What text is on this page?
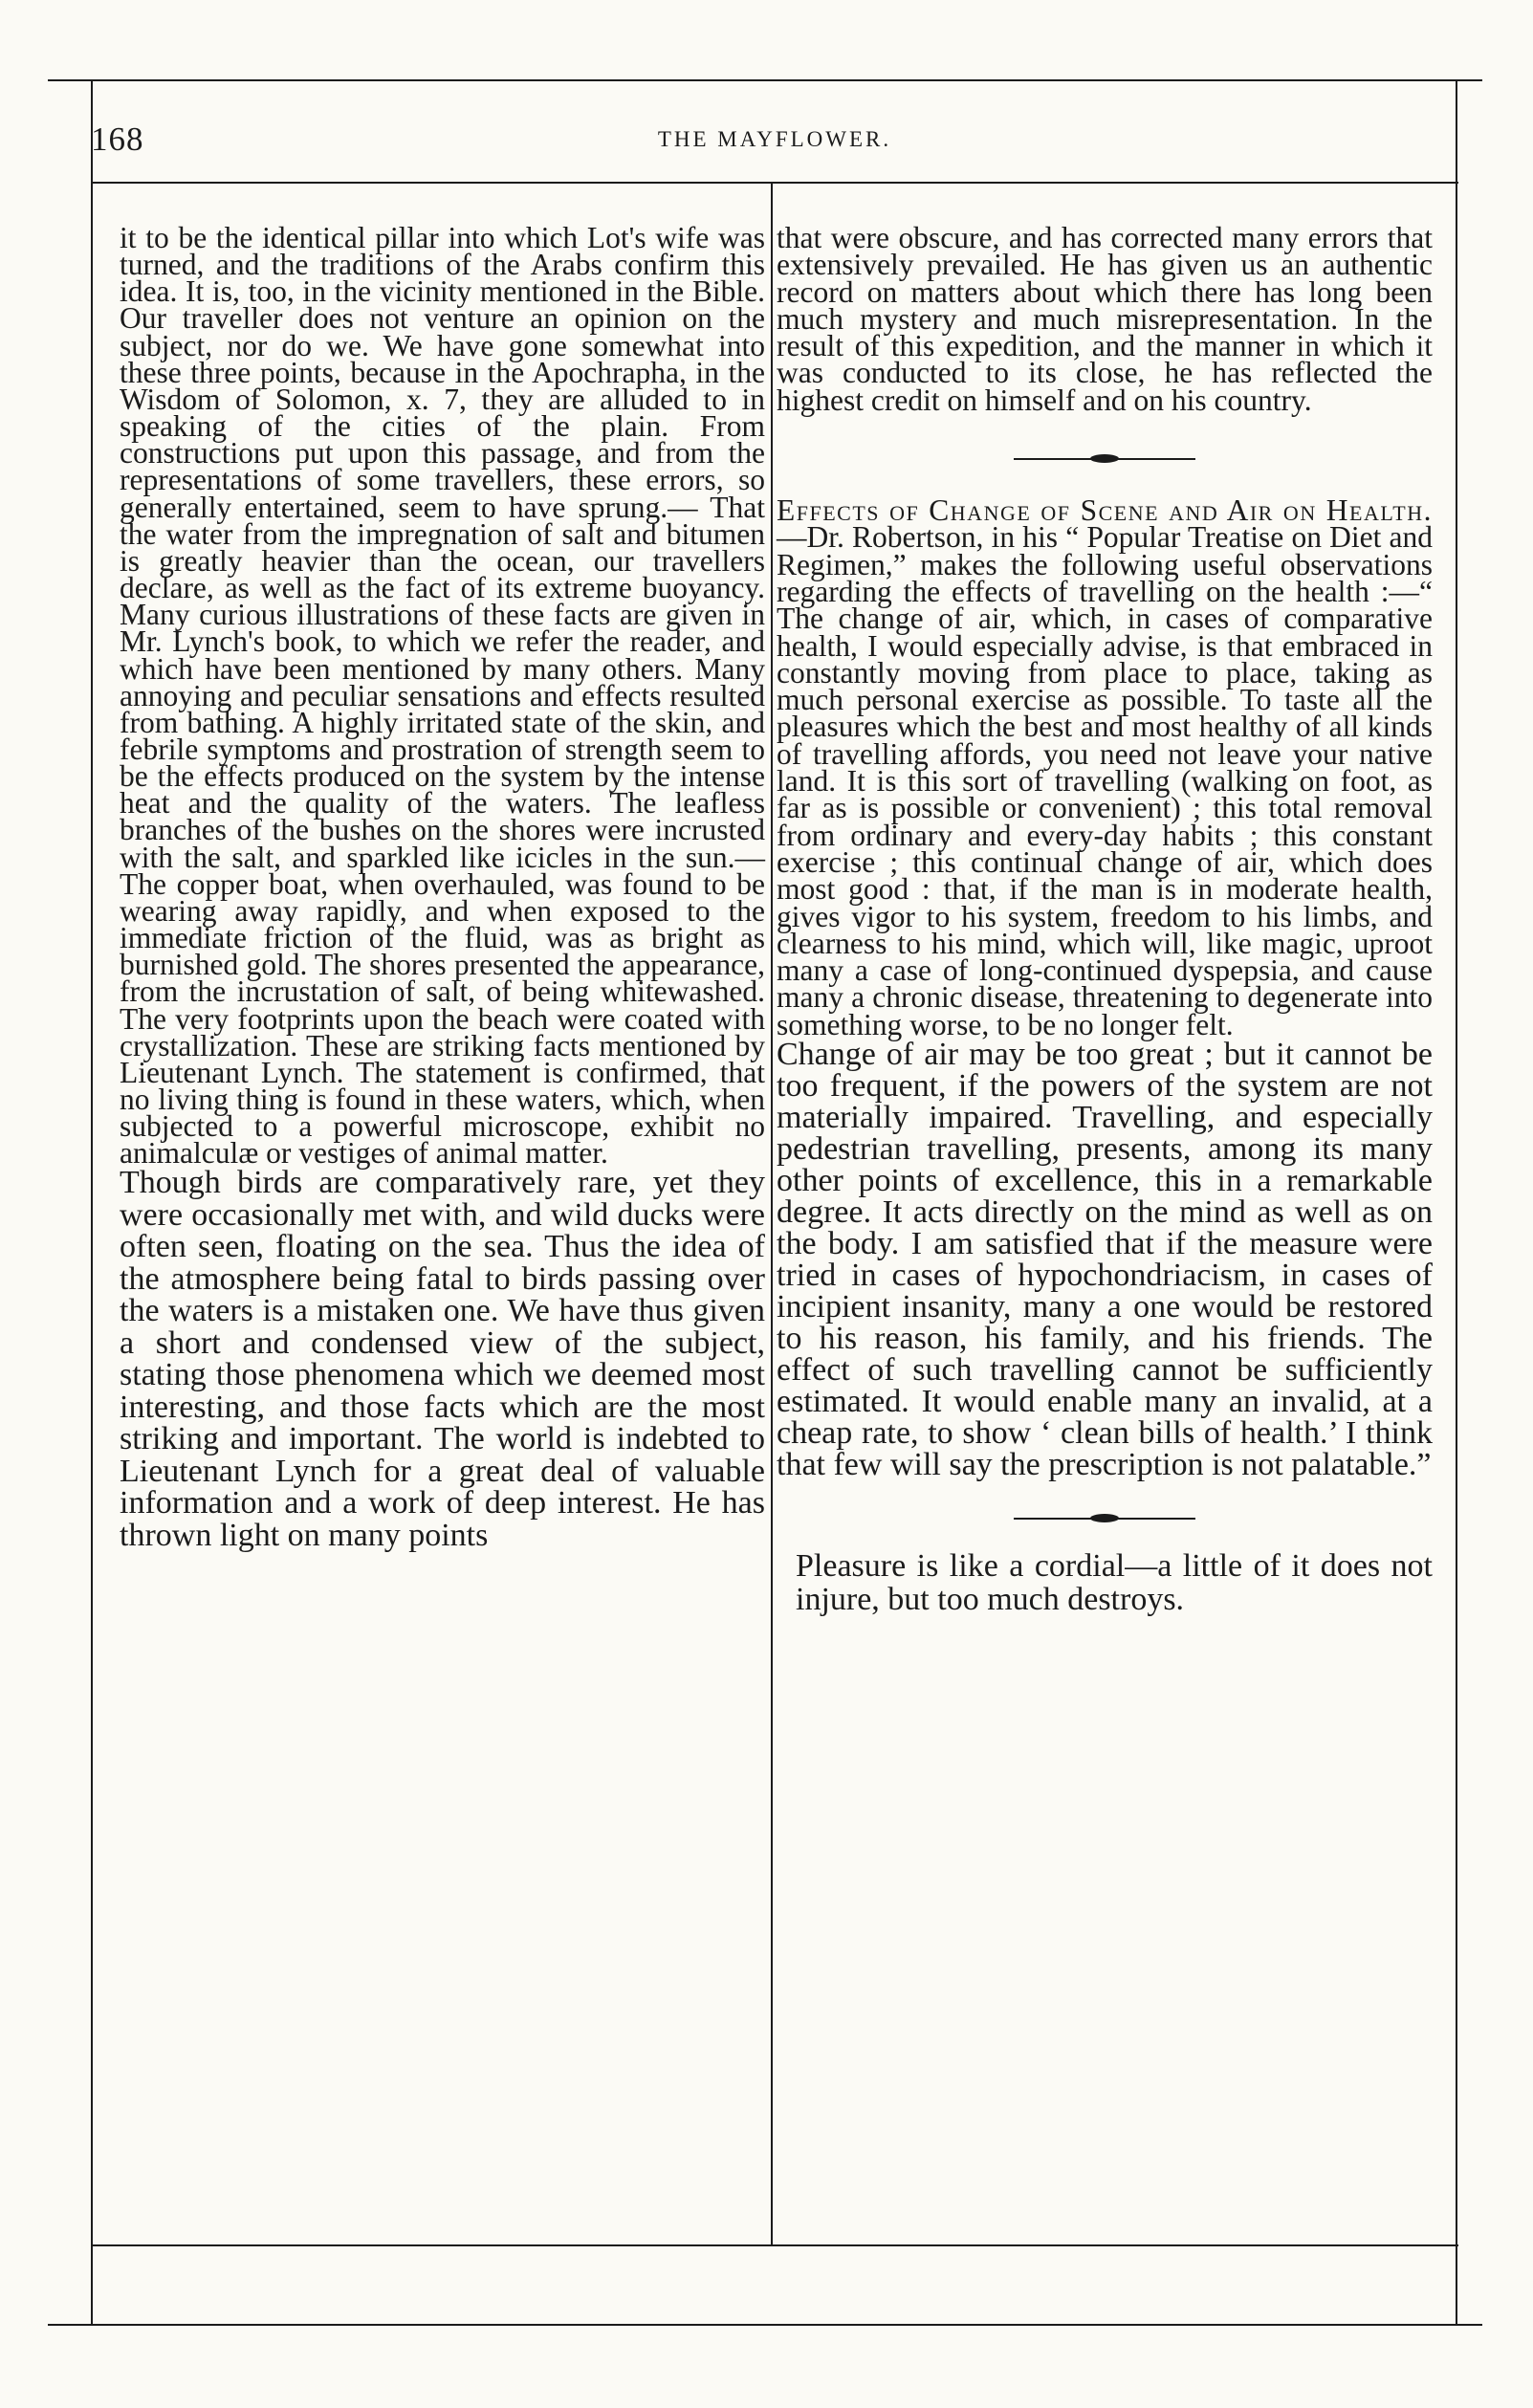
168	THE MAYFLOWER.

it to be the identical pillar into which Lot's wife was turned, and the traditions of the Arabs confirm this idea. It is, too, in the vicinity mentioned in the Bible. Our traveller does not venture an opinion on the subject, nor do we. We have gone somewhat into these three points, because in the Apochrapha, in the Wisdom of Solomon, x. 7, they are alluded to in speaking of the cities of the plain. From constructions put upon this passage, and from the representations of some travellers, these errors, so generally entertained, seem to have sprung.— That the water from the impregnation of salt and bitumen is greatly heavier than the ocean, our travellers declare, as well as the fact of its extreme buoyancy. Many curious illustrations of these facts are given in Mr. Lynch's book, to which we refer the reader, and which have been mentioned by many others. Many annoying and peculiar sensations and effects resulted from bathing. A highly irritated state of the skin, and febrile symptoms and prostration of strength seem to be the effects produced on the system by the intense heat and the quality of the waters. The leafless branches of the bushes on the shores were incrusted with the salt, and sparkled like icicles in the sun.— The copper boat, when overhauled, was found to be wearing away rapidly, and when exposed to the immediate friction of the fluid, was as bright as burnished gold. The shores presented the appearance, from the incrustation of salt, of being whitewashed. The very footprints upon the beach were coated with crystallization. These are striking facts mentioned by Lieutenant Lynch. The statement is confirmed, that no living thing is found in these waters, which, when subjected to a powerful microscope, exhibit no animalculæ or vestiges of animal matter.

Though birds are comparatively rare, yet they were occasionally met with, and wild ducks were often seen, floating on the sea. Thus the idea of the atmosphere being fatal to birds passing over the waters is a mistaken one. We have thus given a short and condensed view of the subject, stating those phenomena which we deemed most interesting, and those facts which are the most striking and important. The world is indebted to Lieutenant Lynch for a great deal of valuable information and a work of deep interest. He has thrown light on many points

that were obscure, and has corrected many errors that extensively prevailed. He has given us an authentic record on matters about which there has long been much mystery and much misrepresentation. In the result of this expedition, and the manner in which it was conducted to its close, he has reflected the highest credit on himself and on his country.

Effects of Change of Scene and Air on Health.—Dr. Robertson, in his “ Popular Treatise on Diet and Regimen,” makes the following useful observations regarding the effects of travelling on the health :—“ The change of air, which, in cases of comparative health, I would especially advise, is that embraced in constantly moving from place to place, taking as much personal exercise as possible. To taste all the pleasures which the best and most healthy of all kinds of travelling affords, you need not leave your native land. It is this sort of travelling (walking on foot, as far as is possible or convenient) ; this total removal from ordinary and every-day habits ; this constant exercise ; this continual change of air, which does most good : that, if the man is in moderate health, gives vigor to his system, freedom to his limbs, and clearness to his mind, which will, like magic, uproot many a case of long-continued dyspepsia, and cause many a chronic disease, threatening to degenerate into something worse, to be no longer felt.

Change of air may be too great ; but it cannot be too frequent, if the powers of the system are not materially impaired. Travelling, and especially pedestrian travelling, presents, among its many other points of excellence, this in a remarkable degree. It acts directly on the mind as well as on the body. I am satisfied that if the measure were tried in cases of hypochondriacism, in cases of incipient insanity, many a one would be restored to his reason, his family, and his friends. The effect of such travelling cannot be sufficiently estimated. It would enable many an invalid, at a cheap rate, to show ‘ clean bills of health.’ I think that few will say the prescription is not palatable.”

Pleasure is like a cordial—a little of it does not injure, but too much destroys.
